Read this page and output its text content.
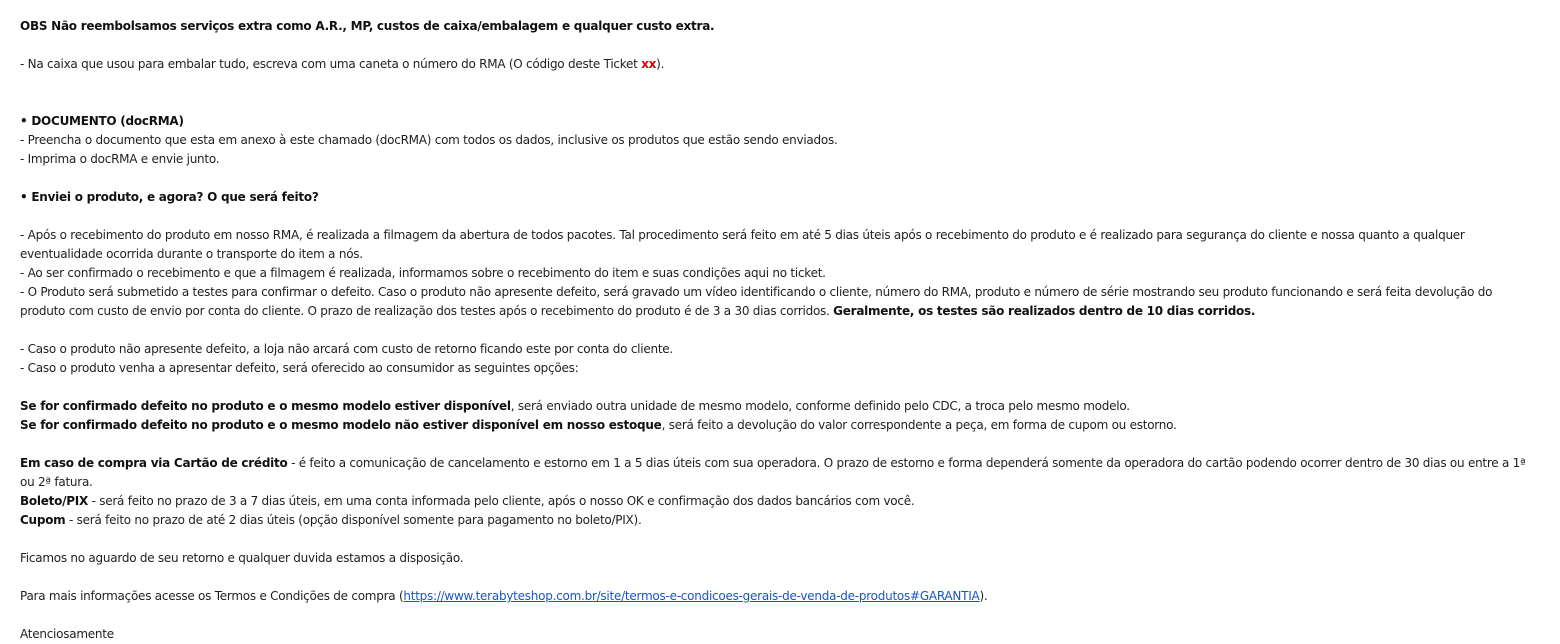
OBS Não reembolsamos serviços extra como A.R., MP, custos de caixa/embalagem e qualquer custo extra.

- Na caixa que usou para embalar tudo, escreva com uma caneta o número do RMA (O código deste Ticket xx).

• DOCUMENTO (docRMA)

- Preencha o documento que esta em anexo à este chamado (docRMA) com todos os dados, inclusive os produtos que estão sendo enviados.

- Imprima o docRMA e envie junto.

• Enviei o produto, e agora? O que será feito?

- Após o recebimento do produto em nosso RMA, é realizada a filmagem da abertura de todos pacotes. Tal procedimento será feito em até 5 dias úteis após o recebimento do produto e é realizado para segurança do cliente e nossa quanto a qualquer eventualidade ocorrida durante o transporte do item a nós.

- Ao ser confirmado o recebimento e que a filmagem é realizada, informamos sobre o recebimento do item e suas condições aqui no ticket.

- O Produto será submetido a testes para confirmar o defeito. Caso o produto não apresente defeito, será gravado um vídeo identificando o cliente, número do RMA, produto e número de série mostrando seu produto funcionando e será feita devolução do produto com custo de envio por conta do cliente. O prazo de realização dos testes após o recebimento do produto é de 3 a 30 dias corridos. Geralmente, os testes são realizados dentro de 10 dias corridos.

- Caso o produto não apresente defeito, a loja não arcará com custo de retorno ficando este por conta do cliente.

- Caso o produto venha a apresentar defeito, será oferecido ao consumidor as seguintes opções:

Se for confirmado defeito no produto e o mesmo modelo estiver disponível, será enviado outra unidade de mesmo modelo, conforme definido pelo CDC, a troca pelo mesmo modelo.

Se for confirmado defeito no produto e o mesmo modelo não estiver disponível em nosso estoque, será feito a devolução do valor correspondente a peça, em forma de cupom ou estorno.

Em caso de compra via Cartão de crédito - é feito a comunicação de cancelamento e estorno em 1 a 5 dias úteis com sua operadora. O prazo de estorno e forma dependerá somente da operadora do cartão podendo ocorrer dentro de 30 dias ou entre a 1ª ou 2ª fatura.

Boleto/PIX - será feito no prazo de 3 a 7 dias úteis, em uma conta informada pelo cliente, após o nosso OK e confirmação dos dados bancários com você.

Cupom - será feito no prazo de até 2 dias úteis (opção disponível somente para pagamento no boleto/PIX).

Ficamos no aguardo de seu retorno e qualquer duvida estamos a disposição.

Para mais informações acesse os Termos e Condições de compra (https://www.terabyteshop.com.br/site/termos-e-condicoes-gerais-de-venda-de-produtos#GARANTIA).

Atenciosamente
